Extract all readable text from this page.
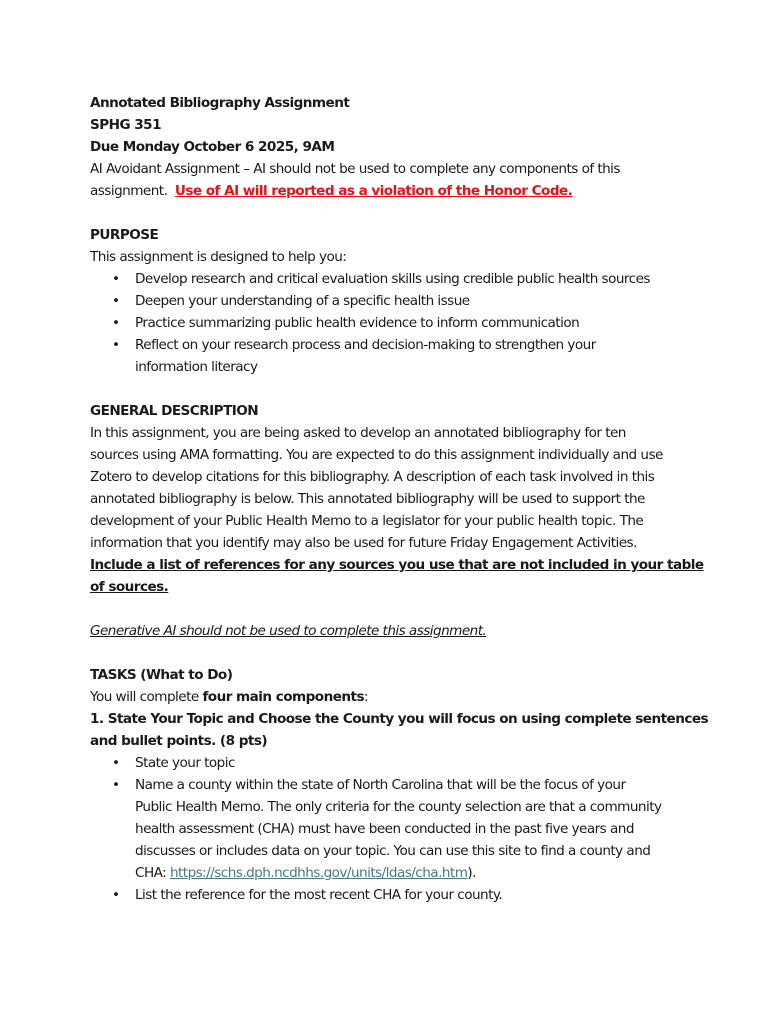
Annotated Bibliography Assignment
SPHG 351
Due Monday October 6 2025, 9AM
AI Avoidant Assignment – AI should not be used to complete any components of this
assignment.  Use of AI will reported as a violation of the Honor Code.
PURPOSE
This assignment is designed to help you:
• Develop research and critical evaluation skills using credible public health sources
• Deepen your understanding of a specific health issue
• Practice summarizing public health evidence to inform communication
• Reflect on your research process and decision-making to strengthen your
information literacy
GENERAL DESCRIPTION
In this assignment, you are being asked to develop an annotated bibliography for ten
sources using AMA formatting. You are expected to do this assignment individually and use
Zotero to develop citations for this bibliography. A description of each task involved in this
annotated bibliography is below. This annotated bibliography will be used to support the
development of your Public Health Memo to a legislator for your public health topic. The
information that you identify may also be used for future Friday Engagement Activities.
Include a list of references for any sources you use that are not included in your table
of sources.
Generative AI should not be used to complete this assignment.
TASKS (What to Do)
You will complete four main components:
1. State Your Topic and Choose the County you will focus on using complete sentences
and bullet points. (8 pts)
• State your topic
• Name a county within the state of North Carolina that will be the focus of your
Public Health Memo. The only criteria for the county selection are that a community
health assessment (CHA) must have been conducted in the past five years and
discusses or includes data on your topic. You can use this site to find a county and
CHA: https://schs.dph.ncdhhs.gov/units/ldas/cha.htm).
• List the reference for the most recent CHA for your county.
